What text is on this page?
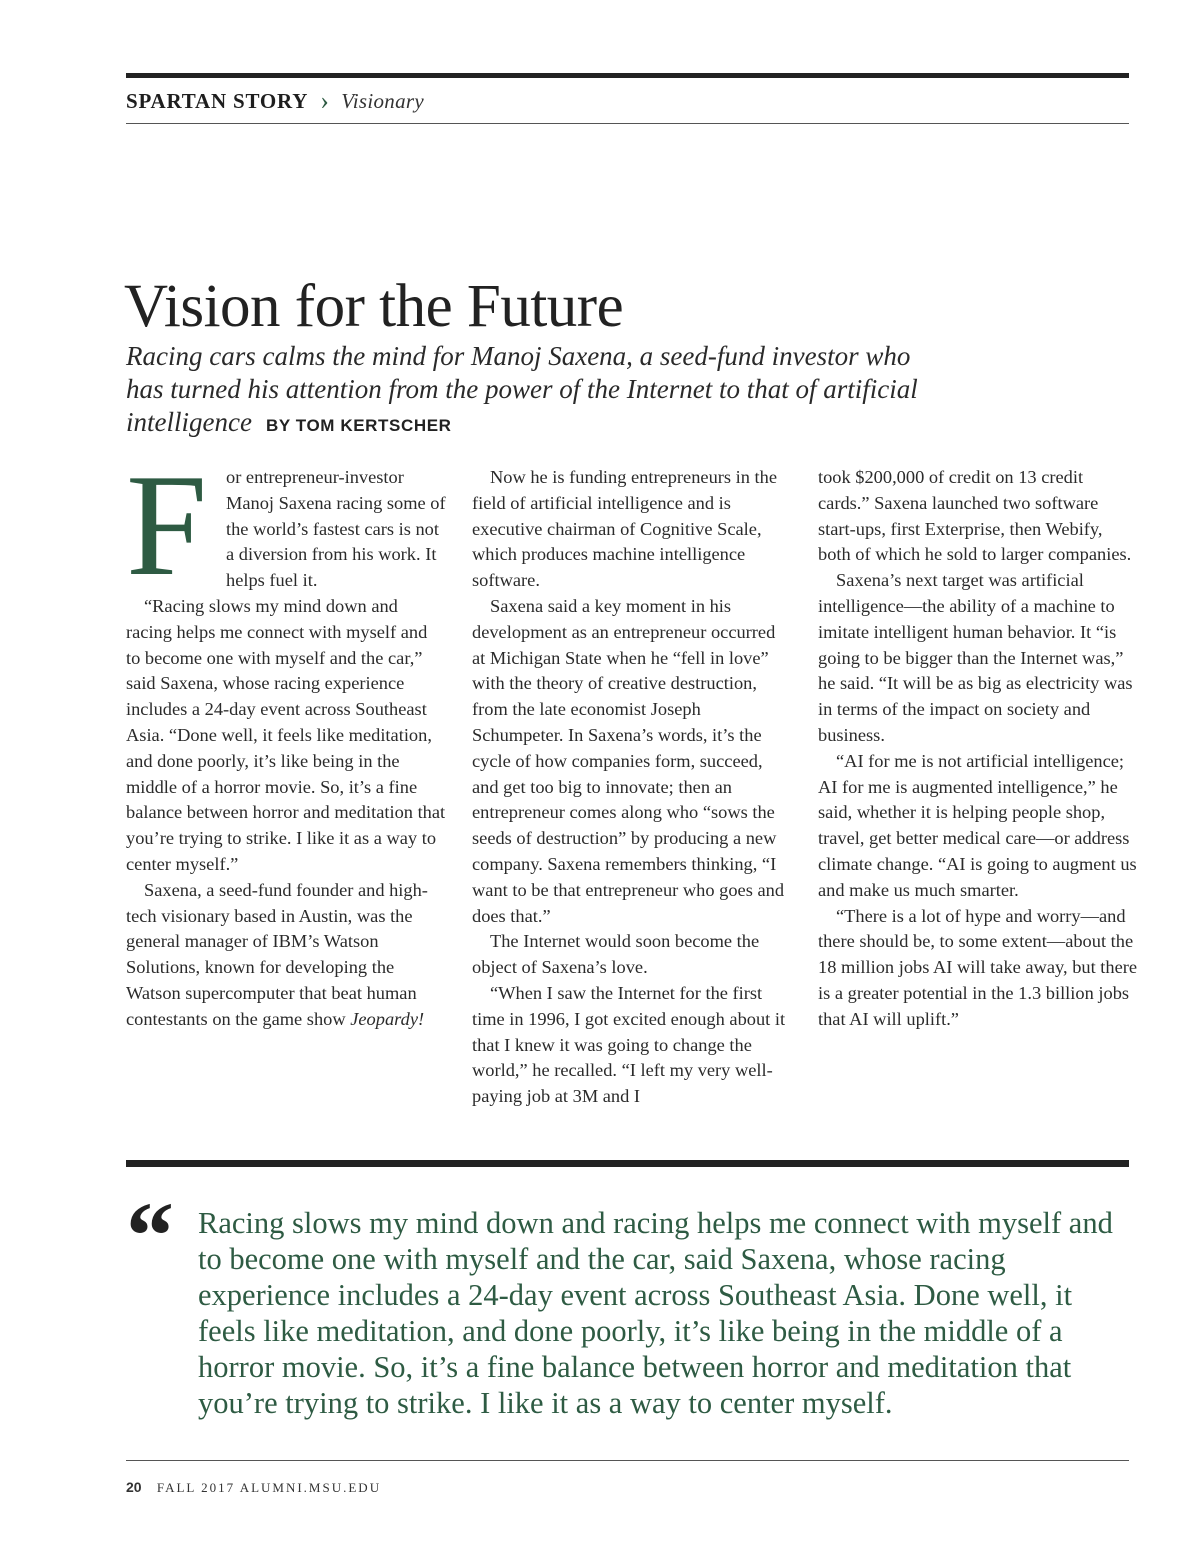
SPARTAN STORY › Visionary
Vision for the Future
Racing cars calms the mind for Manoj Saxena, a seed-fund investor who has turned his attention from the power of the Internet to that of artificial intelligence BY TOM KERTSCHER
F	or entrepreneur-investor Manoj Saxena racing some of the world’s fastest cars is not a diversion from his work. It helps fuel it.

“Racing slows my mind down and racing helps me connect with myself and to become one with myself and the car,” said Saxena, whose racing experience includes a 24-day event across Southeast Asia. “Done well, it feels like meditation, and done poorly, it’s like being in the middle of a horror movie. So, it’s a fine balance between horror and meditation that you’re trying to strike. I like it as a way to center myself.”

Saxena, a seed-fund founder and high-tech visionary based in Austin, was the general manager of IBM’s Watson Solutions, known for developing the Watson supercomputer that beat human contestants on the game show Jeopardy!

Now he is funding entrepreneurs in the field of artificial intelligence and is executive chairman of Cognitive Scale, which produces machine intelligence software.

Saxena said a key moment in his development as an entrepreneur occurred at Michigan State when he “fell in love” with the theory of creative destruction, from the late economist Joseph Schumpeter. In Saxena’s words, it’s the cycle of how companies form, succeed, and get too big to innovate; then an entrepreneur comes along who “sows the seeds of destruction” by producing a new company. Saxena remembers thinking, “I want to be that entrepreneur who goes and does that.”

The Internet would soon become the object of Saxena’s love.

“When I saw the Internet for the first time in 1996, I got excited enough about it that I knew it was going to change the world,” he recalled. “I left my very well-paying job at 3M and I

took $200,000 of credit on 13 credit cards.” Saxena launched two software start-ups, first Exterprise, then Webify, both of which he sold to larger companies.

Saxena’s next target was artificial intelligence—the ability of a machine to imitate intelligent human behavior. It “is going to be bigger than the Internet was,” he said. “It will be as big as electricity was in terms of the impact on society and business.

“AI for me is not artificial intelligence; AI for me is augmented intelligence,” he said, whether it is helping people shop, travel, get better medical care—or address climate change. “AI is going to augment us and make us much smarter.

“There is a lot of hype and worry—and there should be, to some extent—about the 18 million jobs AI will take away, but there is a greater potential in the 1.3 billion jobs that AI will uplift.”

“ Racing slows my mind down and racing helps me connect with myself and to become one with myself and the car, said Saxena, whose racing experience includes a 24-day event across Southeast Asia. Done well, it feels like meditation, and done poorly, it’s like being in the middle of a horror movie. So, it’s a fine balance between horror and meditation that you’re trying to strike. I like it as a way to center myself.
20 FALL 2017 ALUMNI.MSU.EDU
